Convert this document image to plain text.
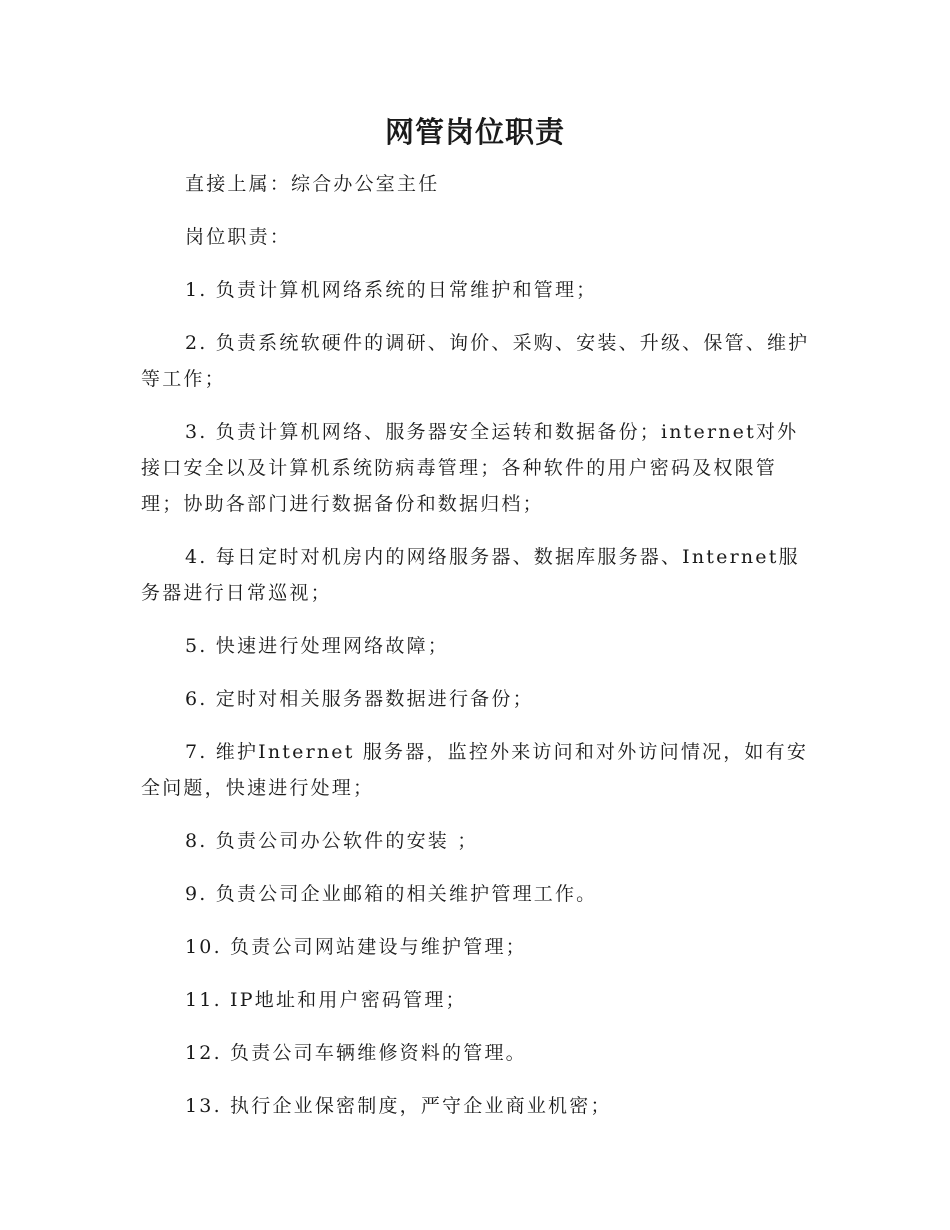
网管岗位职责

直接上属：综合办公室主任

岗位职责：

1. 负责计算机网络系统的日常维护和管理；

2. 负责系统软硬件的调研、询价、采购、安装、升级、保管、维护等工作；

3. 负责计算机网络、服务器安全运转和数据备份；internet对外接口安全以及计算机系统防病毒管理；各种软件的用户密码及权限管理；协助各部门进行数据备份和数据归档；

4. 每日定时对机房内的网络服务器、数据库服务器、Internet服务器进行日常巡视；

5. 快速进行处理网络故障；

6. 定时对相关服务器数据进行备份；

7. 维护Internet 服务器，监控外来访问和对外访问情况，如有安全问题，快速进行处理；

8. 负责公司办公软件的安装 ；

9. 负责公司企业邮箱的相关维护管理工作。

10. 负责公司网站建设与维护管理；

11. IP地址和用户密码管理；

12. 负责公司车辆维修资料的管理。

13. 执行企业保密制度，严守企业商业机密；
